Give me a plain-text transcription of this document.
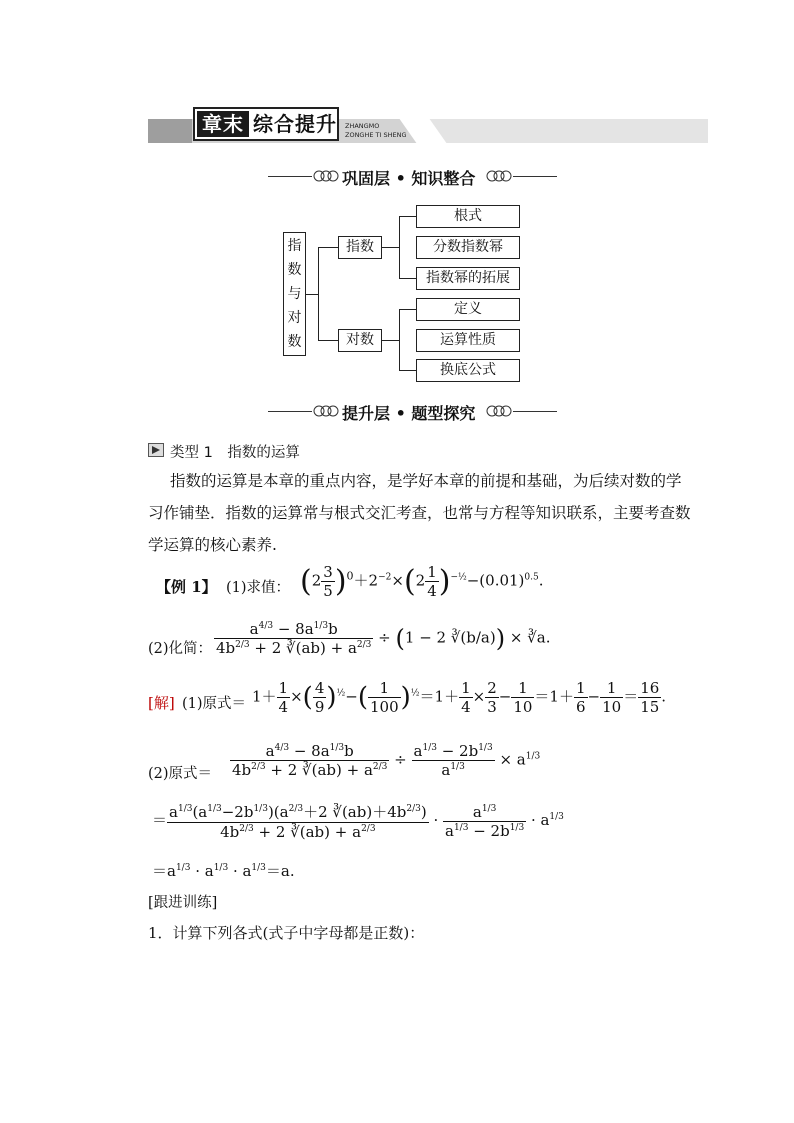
章末 综合提升 ZHANGMO
ZONGHE TI SHENG
巩固层 • 知识整合
指
数
与
对
数
指数
对数
根式
分数指数幂
指数幂的拓展
定义
运算性质
换底公式
提升层 • 题型探究
类型 1　指数的运算
指数的运算是本章的重点内容，是学好本章的前提和基础，为后续对数的学
习作铺垫．指数的运算常与根式交汇考查，也常与方程等知识联系，主要考查数
学运算的核心素养.
【例 1】 (1)求值： $(2 \frac{3}{5} )^0+2^{-2}\times(2 \frac{1}{4} )^{-\frac{1}{2}}-(0.01)^{0.5}$.
(2)化简： $\frac{a^{4/3} - 8a^{1/3}b}{4b^{2/3} + 2 ∛(ab) + a^{2/3}} \div (1 - 2$ ∛(b/a)) × ∛a.
[解] (1)原式＝ $1+ \frac{1}{4}$ ×( $\frac{4}{9} )^{\frac{1}{2}}-( \frac{1}{100} )^{\frac{1}{2}}=1+ \frac{1}{4} \times \frac{2}{3} - \frac{1}{10} =1+ \frac{1}{6} - \frac{1}{10} = \frac{16}{15}$ .
(2)原式＝ $\frac{a^{4/3} - 8a^{1/3}b}{4b^{2/3} + 2 ∛(ab) + a^{2/3}} \div \frac{a^{1/3} - 2b^{1/3}}{a^{1/3}} \times a^{1/3}$
＝ $\frac{a^{1/3}(a^{1/3}-2b^{1/3})(a^{2/3}+2 ∛(ab)+4b^{2/3})}{4b^{2/3} + 2 ∛(ab) + a^{2/3}} \cdot \frac{a^{1/3}}{a^{1/3} - 2b^{1/3}} \cdot a^{1/3}$
$=a^{1/3} \cdot a^{1/3} \cdot a^{1/3}=a$.
[跟进训练]
1．计算下列各式(式子中字母都是正数)：
